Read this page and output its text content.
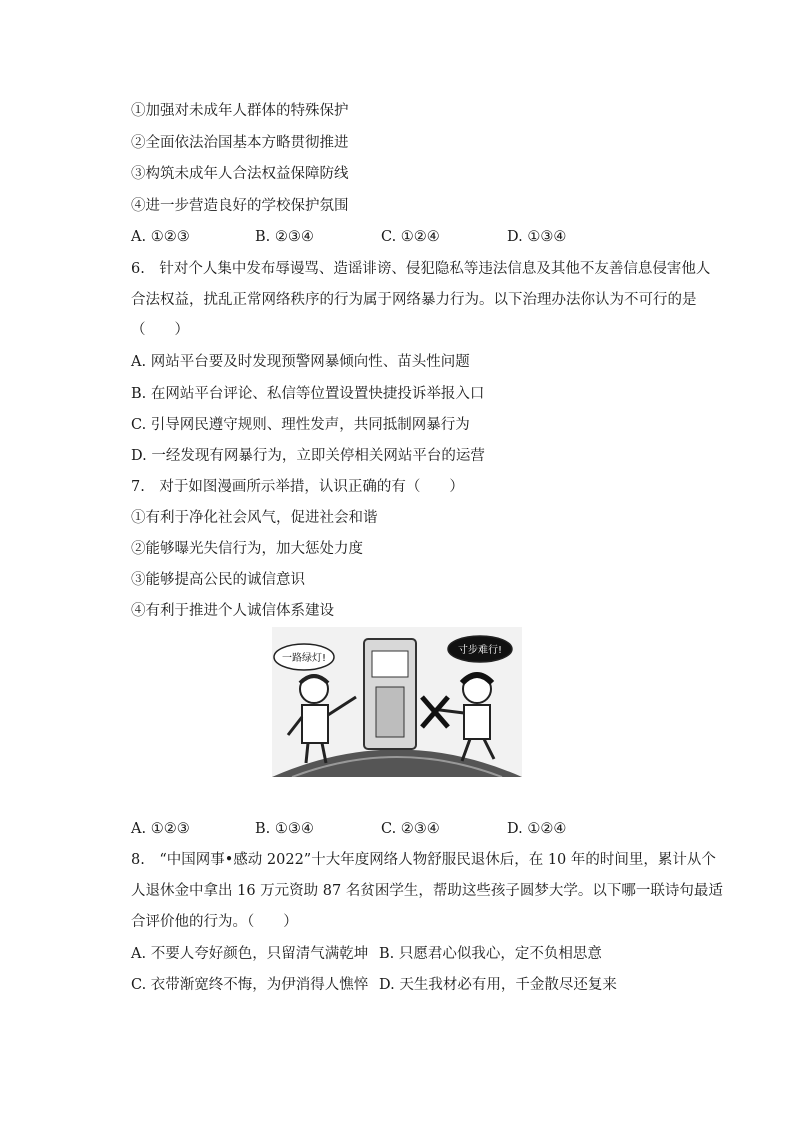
①加强对未成年人群体的特殊保护
②全面依法治国基本方略贯彻推进
③构筑未成年人合法权益保障防线
④进一步营造良好的学校保护氛围
A. ①②③	B. ②③④	C. ①②④	D. ①③④
6.　针对个人集中发布辱谩骂、造谣诽谤、侵犯隐私等违法信息及其他不友善信息侵害他人
合法权益，扰乱正常网络秩序的行为属于网络暴力行为。以下治理办法你认为不可行的是
（　　）
A. 网站平台要及时发现预警网暴倾向性、苗头性问题
B. 在网站平台评论、私信等位置设置快捷投诉举报入口
C. 引导网民遵守规则、理性发声，共同抵制网暴行为
D. 一经发现有网暴行为，立即关停相关网站平台的运营
7.　对于如图漫画所示举措，认识正确的有（　　）
①有利于净化社会风气，促进社会和谐
②能够曝光失信行为，加大惩处力度
③能够提高公民的诚信意识
④有利于推进个人诚信体系建设
一路绿灯!
寸步难行!
A. ①②③	B. ①③④	C. ②③④	D. ①②④
8.　“中国网事•感动 2022”十大年度网络人物舒服民退休后，在 10 年的时间里，累计从个
人退休金中拿出 16 万元资助 87 名贫困学生，帮助这些孩子圆梦大学。以下哪一联诗句最适
合评价他的行为。（　　）
A. 不要人夸好颜色，只留清气满乾坤 B. 只愿君心似我心，定不负相思意
C. 衣带渐宽终不悔，为伊消得人憔悴 D. 天生我材必有用，千金散尽还复来
